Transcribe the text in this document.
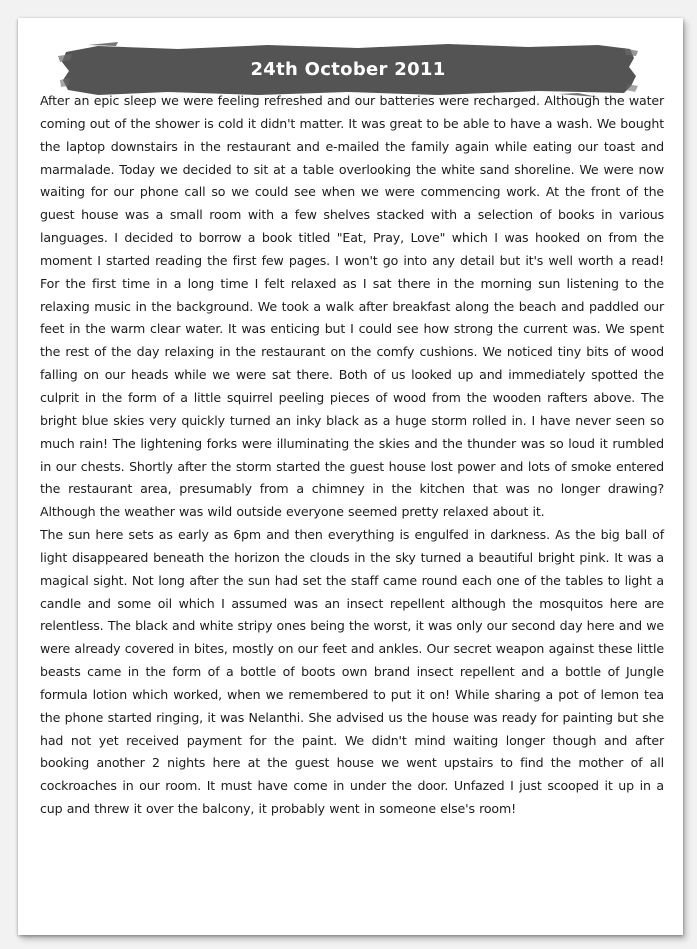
24th October 2011

After an epic sleep we were feeling refreshed and our batteries were recharged. Although the water coming out of the shower is cold it didn't matter. It was great to be able to have a wash. We bought the laptop downstairs in the restaurant and e-mailed the family again while eating our toast and marmalade. Today we decided to sit at a table overlooking the white sand shoreline. We were now waiting for our phone call so we could see when we were commencing work. At the front of the guest house was a small room with a few shelves stacked with a selection of books in various languages. I decided to borrow a book titled "Eat, Pray, Love" which I was hooked on from the moment I started reading the first few pages. I won't go into any detail but it's well worth a read! For the first time in a long time I felt relaxed as I sat there in the morning sun listening to the relaxing music in the background. We took a walk after breakfast along the beach and paddled our feet in the warm clear water. It was enticing but I could see how strong the current was. We spent the rest of the day relaxing in the restaurant on the comfy cushions. We noticed tiny bits of wood falling on our heads while we were sat there. Both of us looked up and immediately spotted the culprit in the form of a little squirrel peeling pieces of wood from the wooden rafters above. The bright blue skies very quickly turned an inky black as a huge storm rolled in. I have never seen so much rain! The lightening forks were illuminating the skies and the thunder was so loud it rumbled in our chests. Shortly after the storm started the guest house lost power and lots of smoke entered the restaurant area, presumably from a chimney in the kitchen that was no longer drawing? Although the weather was wild outside everyone seemed pretty relaxed about it.

The sun here sets as early as 6pm and then everything is engulfed in darkness. As the big ball of light disappeared beneath the horizon the clouds in the sky turned a beautiful bright pink. It was a magical sight. Not long after the sun had set the staff came round each one of the tables to light a candle and some oil which I assumed was an insect repellent although the mosquitos here are relentless. The black and white stripy ones being the worst, it was only our second day here and we were already covered in bites, mostly on our feet and ankles. Our secret weapon against these little beasts came in the form of a bottle of boots own brand insect repellent and a bottle of Jungle formula lotion which worked, when we remembered to put it on! While sharing a pot of lemon tea the phone started ringing, it was Nelanthi. She advised us the house was ready for painting but she had not yet received payment for the paint. We didn't mind waiting longer though and after booking another 2 nights here at the guest house we went upstairs to find the mother of all cockroaches in our room. It must have come in under the door. Unfazed I just scooped it up in a cup and threw it over the balcony, it probably went in someone else's room!
